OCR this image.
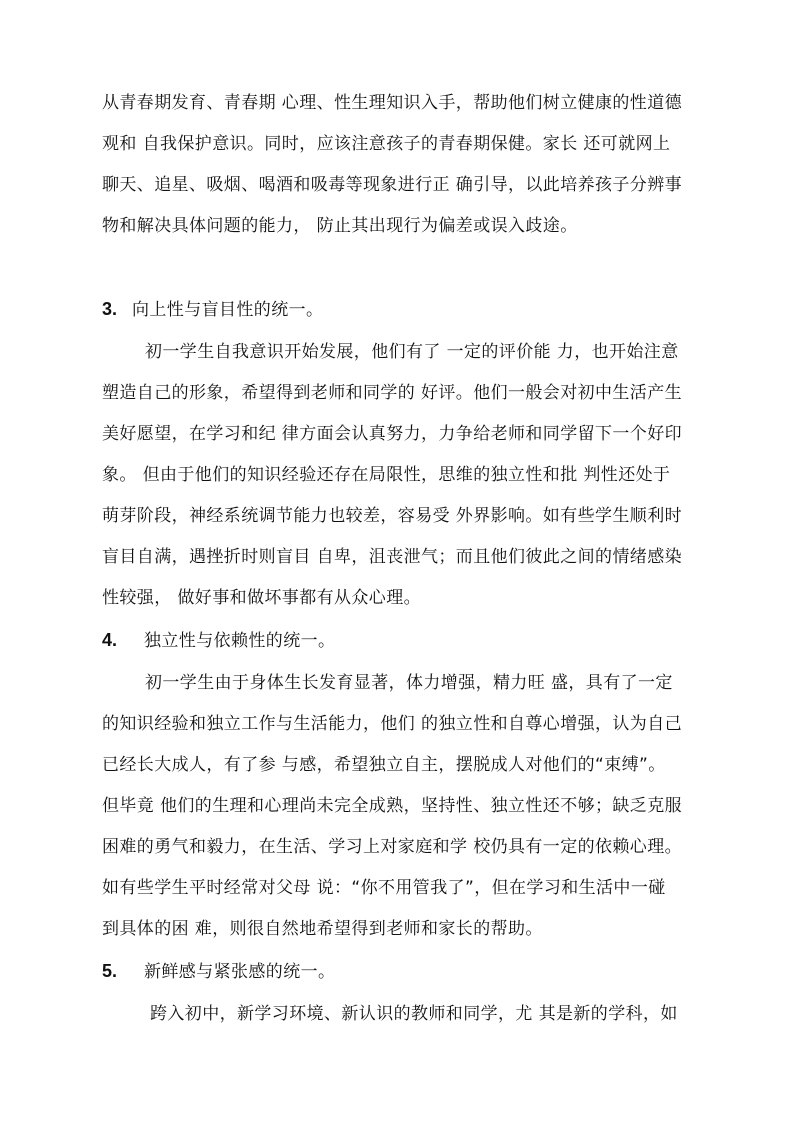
从青春期发育、青春期 心理、性生理知识入手，帮助他们树立健康的性道德
观和 自我保护意识。同时，应该注意孩子的青春期保健。家长 还可就网上
聊天、追星、吸烟、喝酒和吸毒等现象进行正 确引导，以此培养孩子分辨事
物和解决具体问题的能力， 防止其出现行为偏差或误入歧途。
3. 向上性与盲目性的统一。
初一学生自我意识开始发展，他们有了 一定的评价能 力，也开始注意
塑造自己的形象，希望得到老师和同学的 好评。他们一般会对初中生活产生
美好愿望，在学习和纪 律方面会认真努力，力争给老师和同学留下一个好印
象。 但由于他们的知识经验还存在局限性，思维的独立性和批 判性还处于
萌芽阶段，神经系统调节能力也较差，容易受 外界影响。如有些学生顺利时
盲目自满，遇挫折时则盲目 自卑，沮丧泄气；而且他们彼此之间的情绪感染
性较强， 做好事和做坏事都有从众心理。
4. 独立性与依赖性的统一。
初一学生由于身体生长发育显著，体力增强，精力旺 盛，具有了一定
的知识经验和独立工作与生活能力，他们 的独立性和自尊心增强，认为自己
已经长大成人，有了参 与感，希望独立自主，摆脱成人对他们的“束缚”。
但毕竟 他们的生理和心理尚未完全成熟，坚持性、独立性还不够；缺乏克服
困难的勇气和毅力，在生活、学习上对家庭和学 校仍具有一定的依赖心理。
如有些学生平时经常对父母 说：“你不用管我了”，但在学习和生活中一碰
到具体的困 难，则很自然地希望得到老师和家长的帮助。
5. 新鲜感与紧张感的统一。
跨入初中，新学习环境、新认识的教师和同学，尤 其是新的学科，如
